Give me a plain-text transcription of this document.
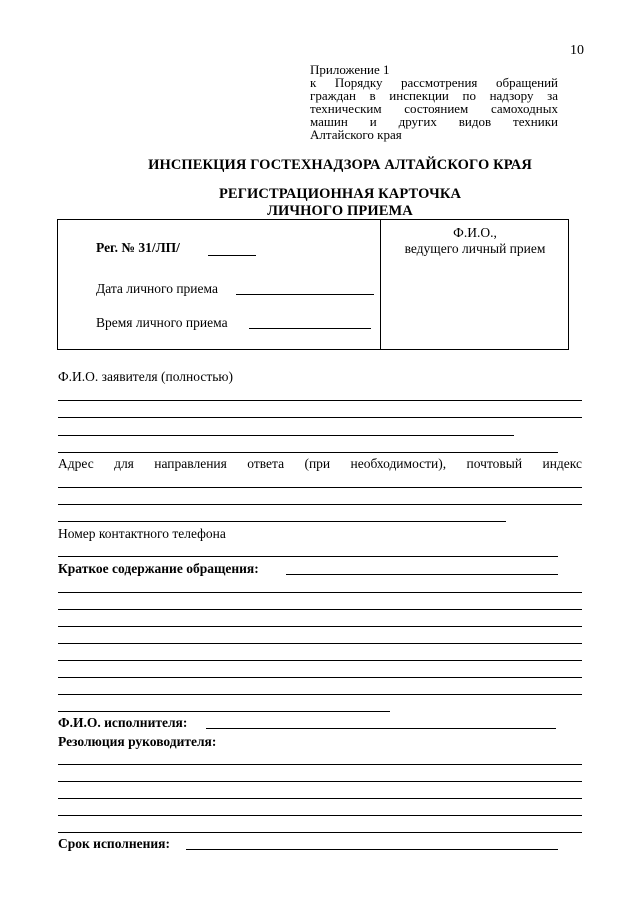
10
Приложение 1
к Порядку рассмотрения обращений
граждан в инспекции по надзору за
техническим состоянием самоходных
машин и других видов техники
Алтайского края
ИНСПЕКЦИЯ ГОСТЕХНАДЗОРА АЛТАЙСКОГО КРАЯ
РЕГИСТРАЦИОННАЯ КАРТОЧКА
ЛИЧНОГО ПРИЕМА
Рег. № 31/ЛП/
Дата личного приема
Время личного приема
Ф.И.О.,
ведущего личный прием
Ф.И.О. заявителя (полностью)
Адрес для направления ответа (при необходимости), почтовый индекс
Номер контактного телефона
Краткое содержание обращения:
Ф.И.О. исполнителя:
Резолюция руководителя:
Срок исполнения:
